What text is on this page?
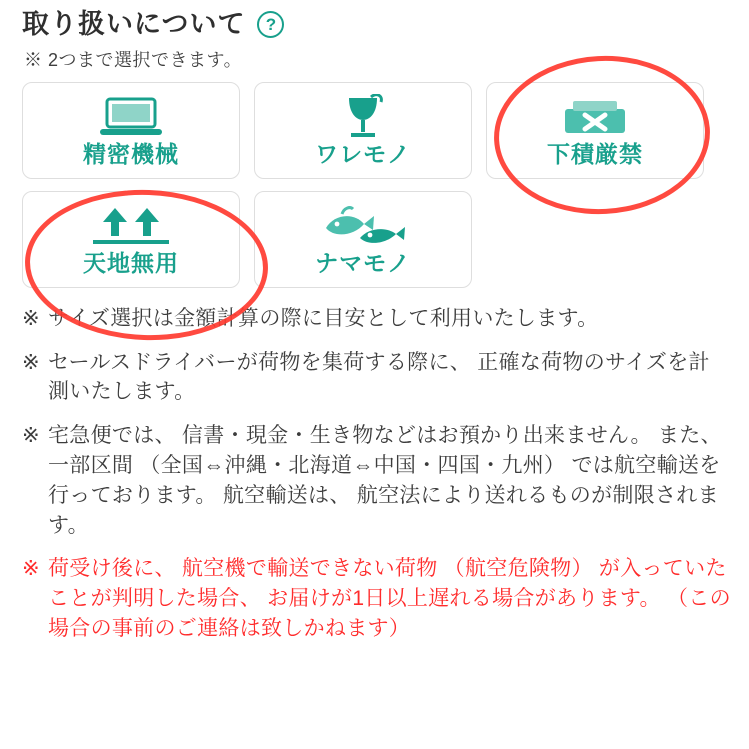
取り扱いについて	?
※ 2つまで選択できます。
精密機械	ワレモノ	下積厳禁
天地無用	ナマモノ
※ サイズ選択は金額計算の際に目安として利用いたします。
※ セールスドライバーが荷物を集荷する際に、 正確な荷物のサイズを計測いたします。
※ 宅急便では、 信書・現金・生き物などはお預かり出来ません。 また、 一部区間 （全国⇔沖縄・北海道⇔中国・四国・九州） では航空輸送を行っております。 航空輸送は、 航空法により送れるものが制限されます。
※ 荷受け後に、 航空機で輸送できない荷物 （航空危険物） が入っていたことが判明した場合、 お届けが1日以上遅れる場合があります。 （この場合の事前のご連絡は致しかねます）
